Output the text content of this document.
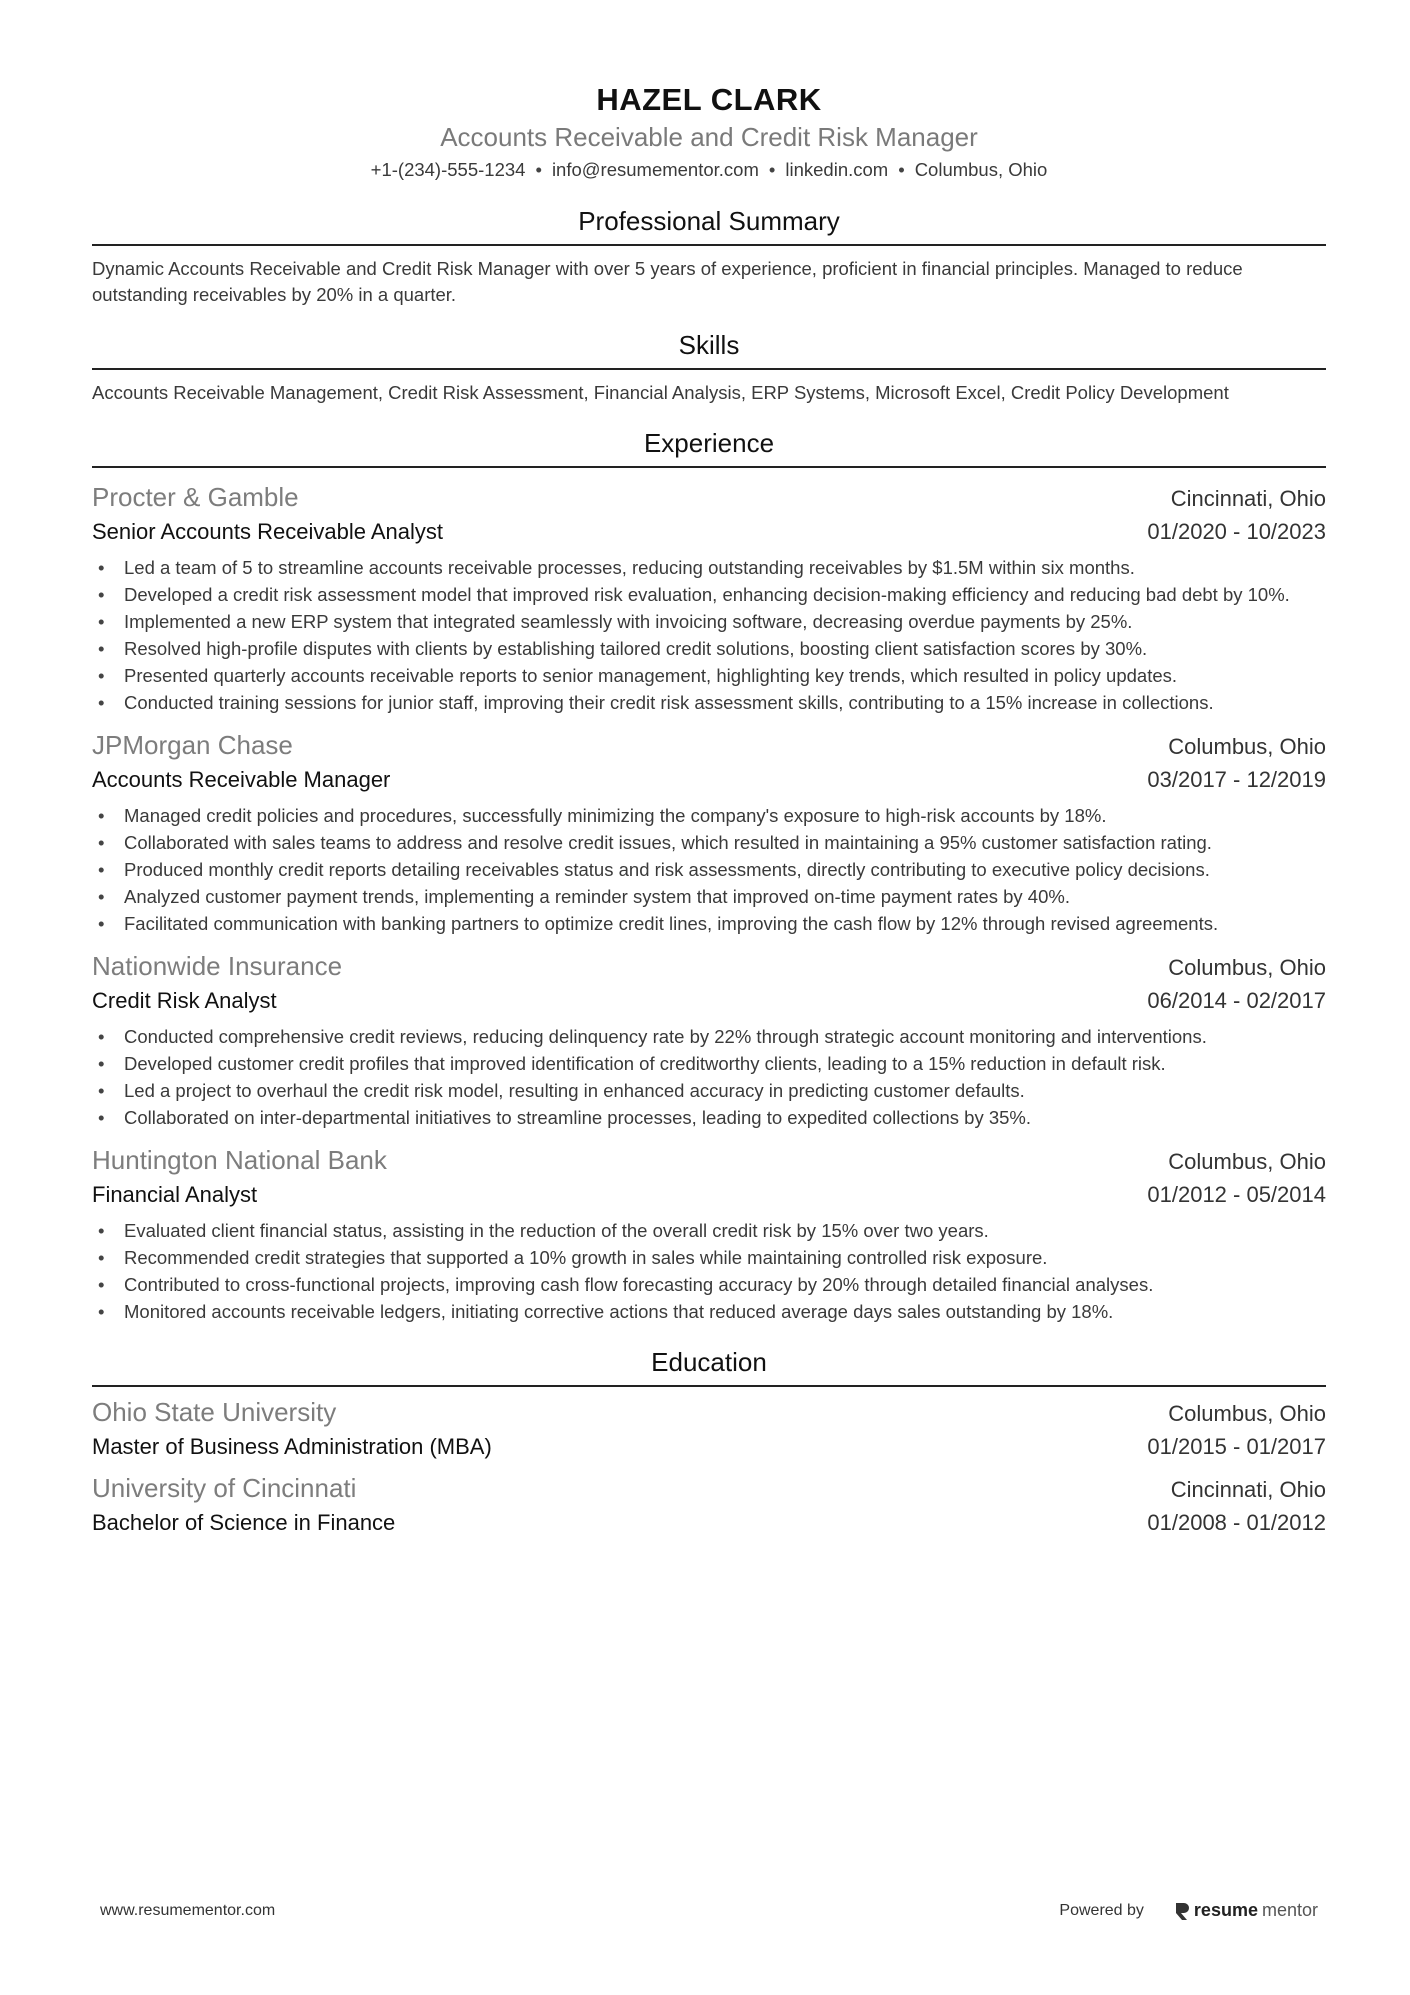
HAZEL CLARK
Accounts Receivable and Credit Risk Manager
+1-(234)-555-1234 • info@resumementor.com • linkedin.com • Columbus, Ohio
Professional Summary
Dynamic Accounts Receivable and Credit Risk Manager with over 5 years of experience, proficient in financial principles. Managed to reduce outstanding receivables by 20% in a quarter.
Skills
Accounts Receivable Management, Credit Risk Assessment, Financial Analysis, ERP Systems, Microsoft Excel, Credit Policy Development
Experience
Procter & Gamble	Cincinnati, Ohio
Senior Accounts Receivable Analyst	01/2020 - 10/2023
• Led a team of 5 to streamline accounts receivable processes, reducing outstanding receivables by $1.5M within six months.
• Developed a credit risk assessment model that improved risk evaluation, enhancing decision-making efficiency and reducing bad debt by 10%.
• Implemented a new ERP system that integrated seamlessly with invoicing software, decreasing overdue payments by 25%.
• Resolved high-profile disputes with clients by establishing tailored credit solutions, boosting client satisfaction scores by 30%.
• Presented quarterly accounts receivable reports to senior management, highlighting key trends, which resulted in policy updates.
• Conducted training sessions for junior staff, improving their credit risk assessment skills, contributing to a 15% increase in collections.
JPMorgan Chase	Columbus, Ohio
Accounts Receivable Manager	03/2017 - 12/2019
• Managed credit policies and procedures, successfully minimizing the company's exposure to high-risk accounts by 18%.
• Collaborated with sales teams to address and resolve credit issues, which resulted in maintaining a 95% customer satisfaction rating.
• Produced monthly credit reports detailing receivables status and risk assessments, directly contributing to executive policy decisions.
• Analyzed customer payment trends, implementing a reminder system that improved on-time payment rates by 40%.
• Facilitated communication with banking partners to optimize credit lines, improving the cash flow by 12% through revised agreements.
Nationwide Insurance	Columbus, Ohio
Credit Risk Analyst	06/2014 - 02/2017
• Conducted comprehensive credit reviews, reducing delinquency rate by 22% through strategic account monitoring and interventions.
• Developed customer credit profiles that improved identification of creditworthy clients, leading to a 15% reduction in default risk.
• Led a project to overhaul the credit risk model, resulting in enhanced accuracy in predicting customer defaults.
• Collaborated on inter-departmental initiatives to streamline processes, leading to expedited collections by 35%.
Huntington National Bank	Columbus, Ohio
Financial Analyst	01/2012 - 05/2014
• Evaluated client financial status, assisting in the reduction of the overall credit risk by 15% over two years.
• Recommended credit strategies that supported a 10% growth in sales while maintaining controlled risk exposure.
• Contributed to cross-functional projects, improving cash flow forecasting accuracy by 20% through detailed financial analyses.
• Monitored accounts receivable ledgers, initiating corrective actions that reduced average days sales outstanding by 18%.
Education
Ohio State University	Columbus, Ohio
Master of Business Administration (MBA)	01/2015 - 01/2017
University of Cincinnati	Cincinnati, Ohio
Bachelor of Science in Finance	01/2008 - 01/2012
www.resumementor.com	Powered by	resume mentor
